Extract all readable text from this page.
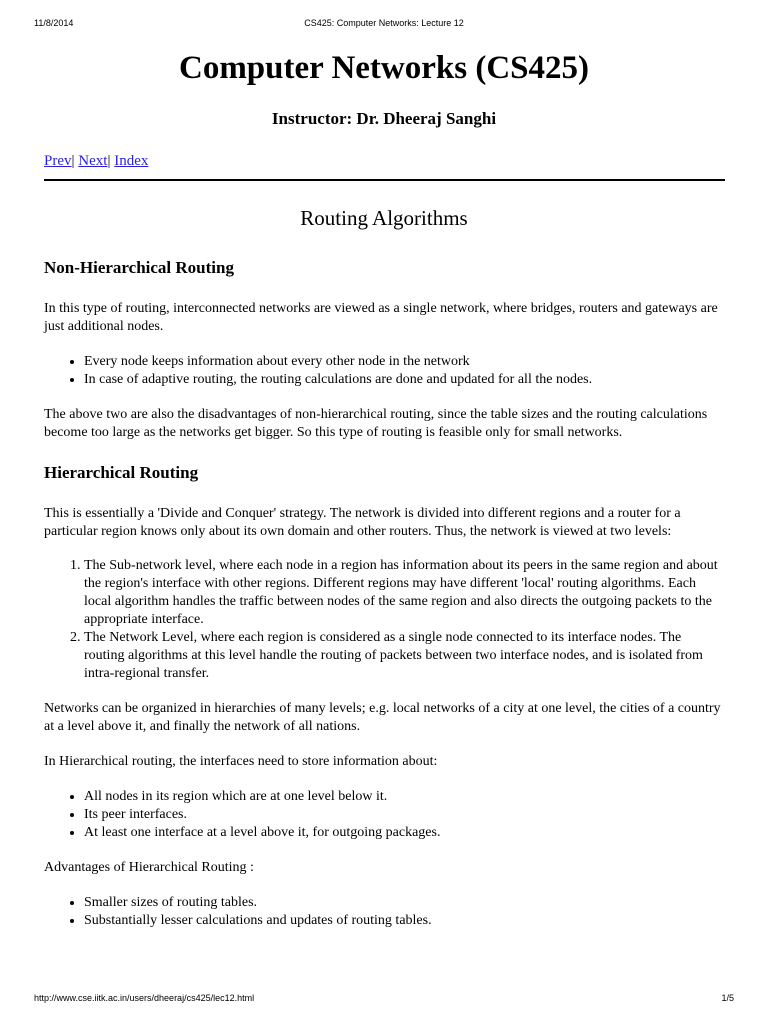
11/8/2014	CS425: Computer Networks: Lecture 12
Computer Networks (CS425)
Instructor: Dr. Dheeraj Sanghi
Prev| Next| Index
Routing Algorithms
Non-Hierarchical Routing

In this type of routing, interconnected networks are viewed as a single network, where bridges, routers and gateways are just additional nodes.

• Every node keeps information about every other node in the network
• In case of adaptive routing, the routing calculations are done and updated for all the nodes.

The above two are also the disadvantages of non-hierarchical routing, since the table sizes and the routing calculations become too large as the networks get bigger. So this type of routing is feasible only for small networks.

Hierarchical Routing

This is essentially a 'Divide and Conquer' strategy. The network is divided into different regions and a router for a particular region knows only about its own domain and other routers. Thus, the network is viewed at two levels:

1. The Sub-network level, where each node in a region has information about its peers in the same region and about the region's interface with other regions. Different regions may have different 'local' routing algorithms. Each local algorithm handles the traffic between nodes of the same region and also directs the outgoing packets to the appropriate interface.
2. The Network Level, where each region is considered as a single node connected to its interface nodes. The routing algorithms at this level handle the routing of packets between two interface nodes, and is isolated from intra-regional transfer.

Networks can be organized in hierarchies of many levels; e.g. local networks of a city at one level, the cities of a country at a level above it, and finally the network of all nations.

In Hierarchical routing, the interfaces need to store information about:

• All nodes in its region which are at one level below it.
• Its peer interfaces.
• At least one interface at a level above it, for outgoing packages.

Advantages of Hierarchical Routing :

• Smaller sizes of routing tables.
• Substantially lesser calculations and updates of routing tables.
http://www.cse.iitk.ac.in/users/dheeraj/cs425/lec12.html	1/5
